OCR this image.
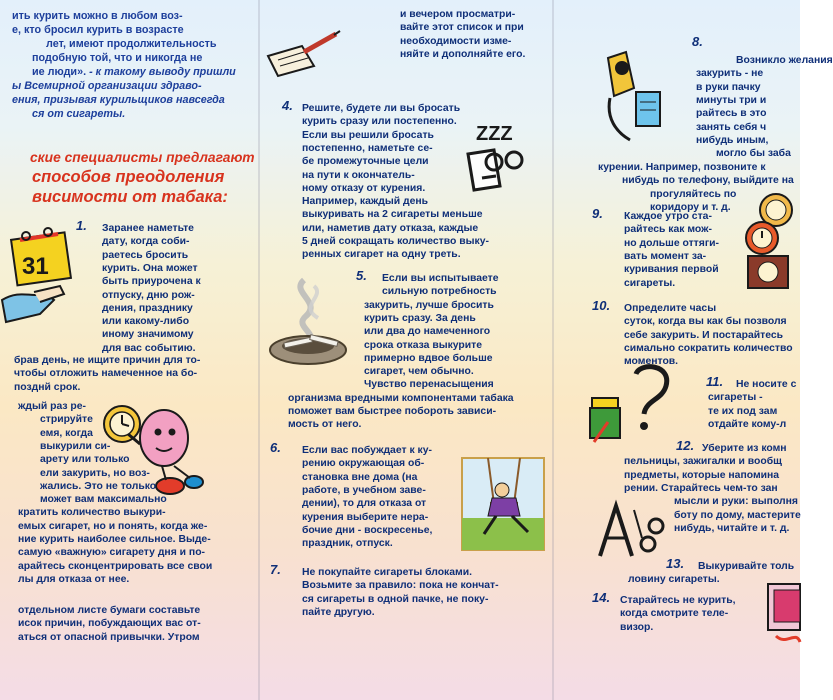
ить курить можно в любом воз-
е, кто бросил курить в возрасте
лет, имеют продолжительность
подобную той, что и никогда не
ие люди». - к такому выводу пришли
ы Всемирной организации здраво-
ения, призывая курильщиков навсегда
ся от сигареты.
ские специалисты предлагают
способов преодоления
висимости от табака:
31
1. Заранее наметьте
дату, когда соби-
раетесь бросить
курить. Она может
быть приурочена к
отпуску, дню рож-
дения, празднику
или какому-либо
иному значимому
для вас событию.
брав день, не ищите причин для то-
чтобы отложить намеченное на бо-
позднй срок.
ждый раз ре-
стрируйте
емя, когда
выкурили си-
арету или только
ели закурить, но воз-
жались. Это не только
может вам максимально
кратить количество выкури-
емых сигарет, но и понять, когда же-
ние курить наиболее сильное. Выде-
самую «важную» сигарету дня и по-
арайтесь сконцентрировать все свои
лы для отказа от нее.
отдельном листе бумаги составьте
исок причин, побуждающих вас от-
аться от опасной привычки. Утром
и вечером просматри-
вайте этот список и при
необходимости изме-
няйте и дополняйте его.
4. Решите, будете ли вы бросать
курить сразу или постепенно.
Если вы решили бросать
постепенно, наметьте се-
бе промежуточные цели
на пути к окончатель-
ному отказу от курения.
Например, каждый день
выкуривать на 2 сигареты меньше
или, наметив дату отказа, каждые
5 дней сокращать количество выку-
ренных сигарет на одну треть.
ZZZ
5. Если вы испытываете
сильную потребность
закурить, лучше бросить
курить сразу. За день
или два до намеченного
срока отказа выкурите
примерно вдвое больше
сигарет, чем обычно.
Чувство перенасыщения
организма вредными компонентами табака
поможет вам быстрее побороть зависи-
мость от него.
6. Если вас побуждает к ку-
рению окружающая об-
становка вне дома (на
работе, в учебном заве-
дении), то для отказа от
курения выберите нера-
бочие дни - воскресенье,
праздник, отпуск.
7. Не покупайте сигареты блоками.
Возьмите за правило: пока не кончат-
ся сигареты в одной пачке, не поку-
пайте другую.
8.
Возникло желания
закурить - не
в руки пачку
минуты три и
райтесь в это
занять себя ч
нибудь иным,
могло бы заба
курении. Например, позвоните к
нибудь по телефону, выйдите на
прогуляйтесь по
коридору и т. д.
9. Каждое утро ста-
райтесь как мож-
но дольше оттяги-
вать момент за-
куривания первой
сигареты.
10. Определите часы
суток, когда вы как бы позволя
себе закурить. И постарайтесь
симально сократить количество
моментов.
11. Не носите с
сигареты -
те их под зам
отдайте кому-л
12. Уберите из комн
пельницы, зажигалки и вообщ
предметы, которые напомина
рении. Старайтесь чем-то зан
мысли и руки: выполня
боту по дому, мастерите
нибудь, читайте и т. д.
13. Выкуривайте толь
ловину сигареты.
14. Старайтесь не курить,
когда смотрите теле-
визор.
